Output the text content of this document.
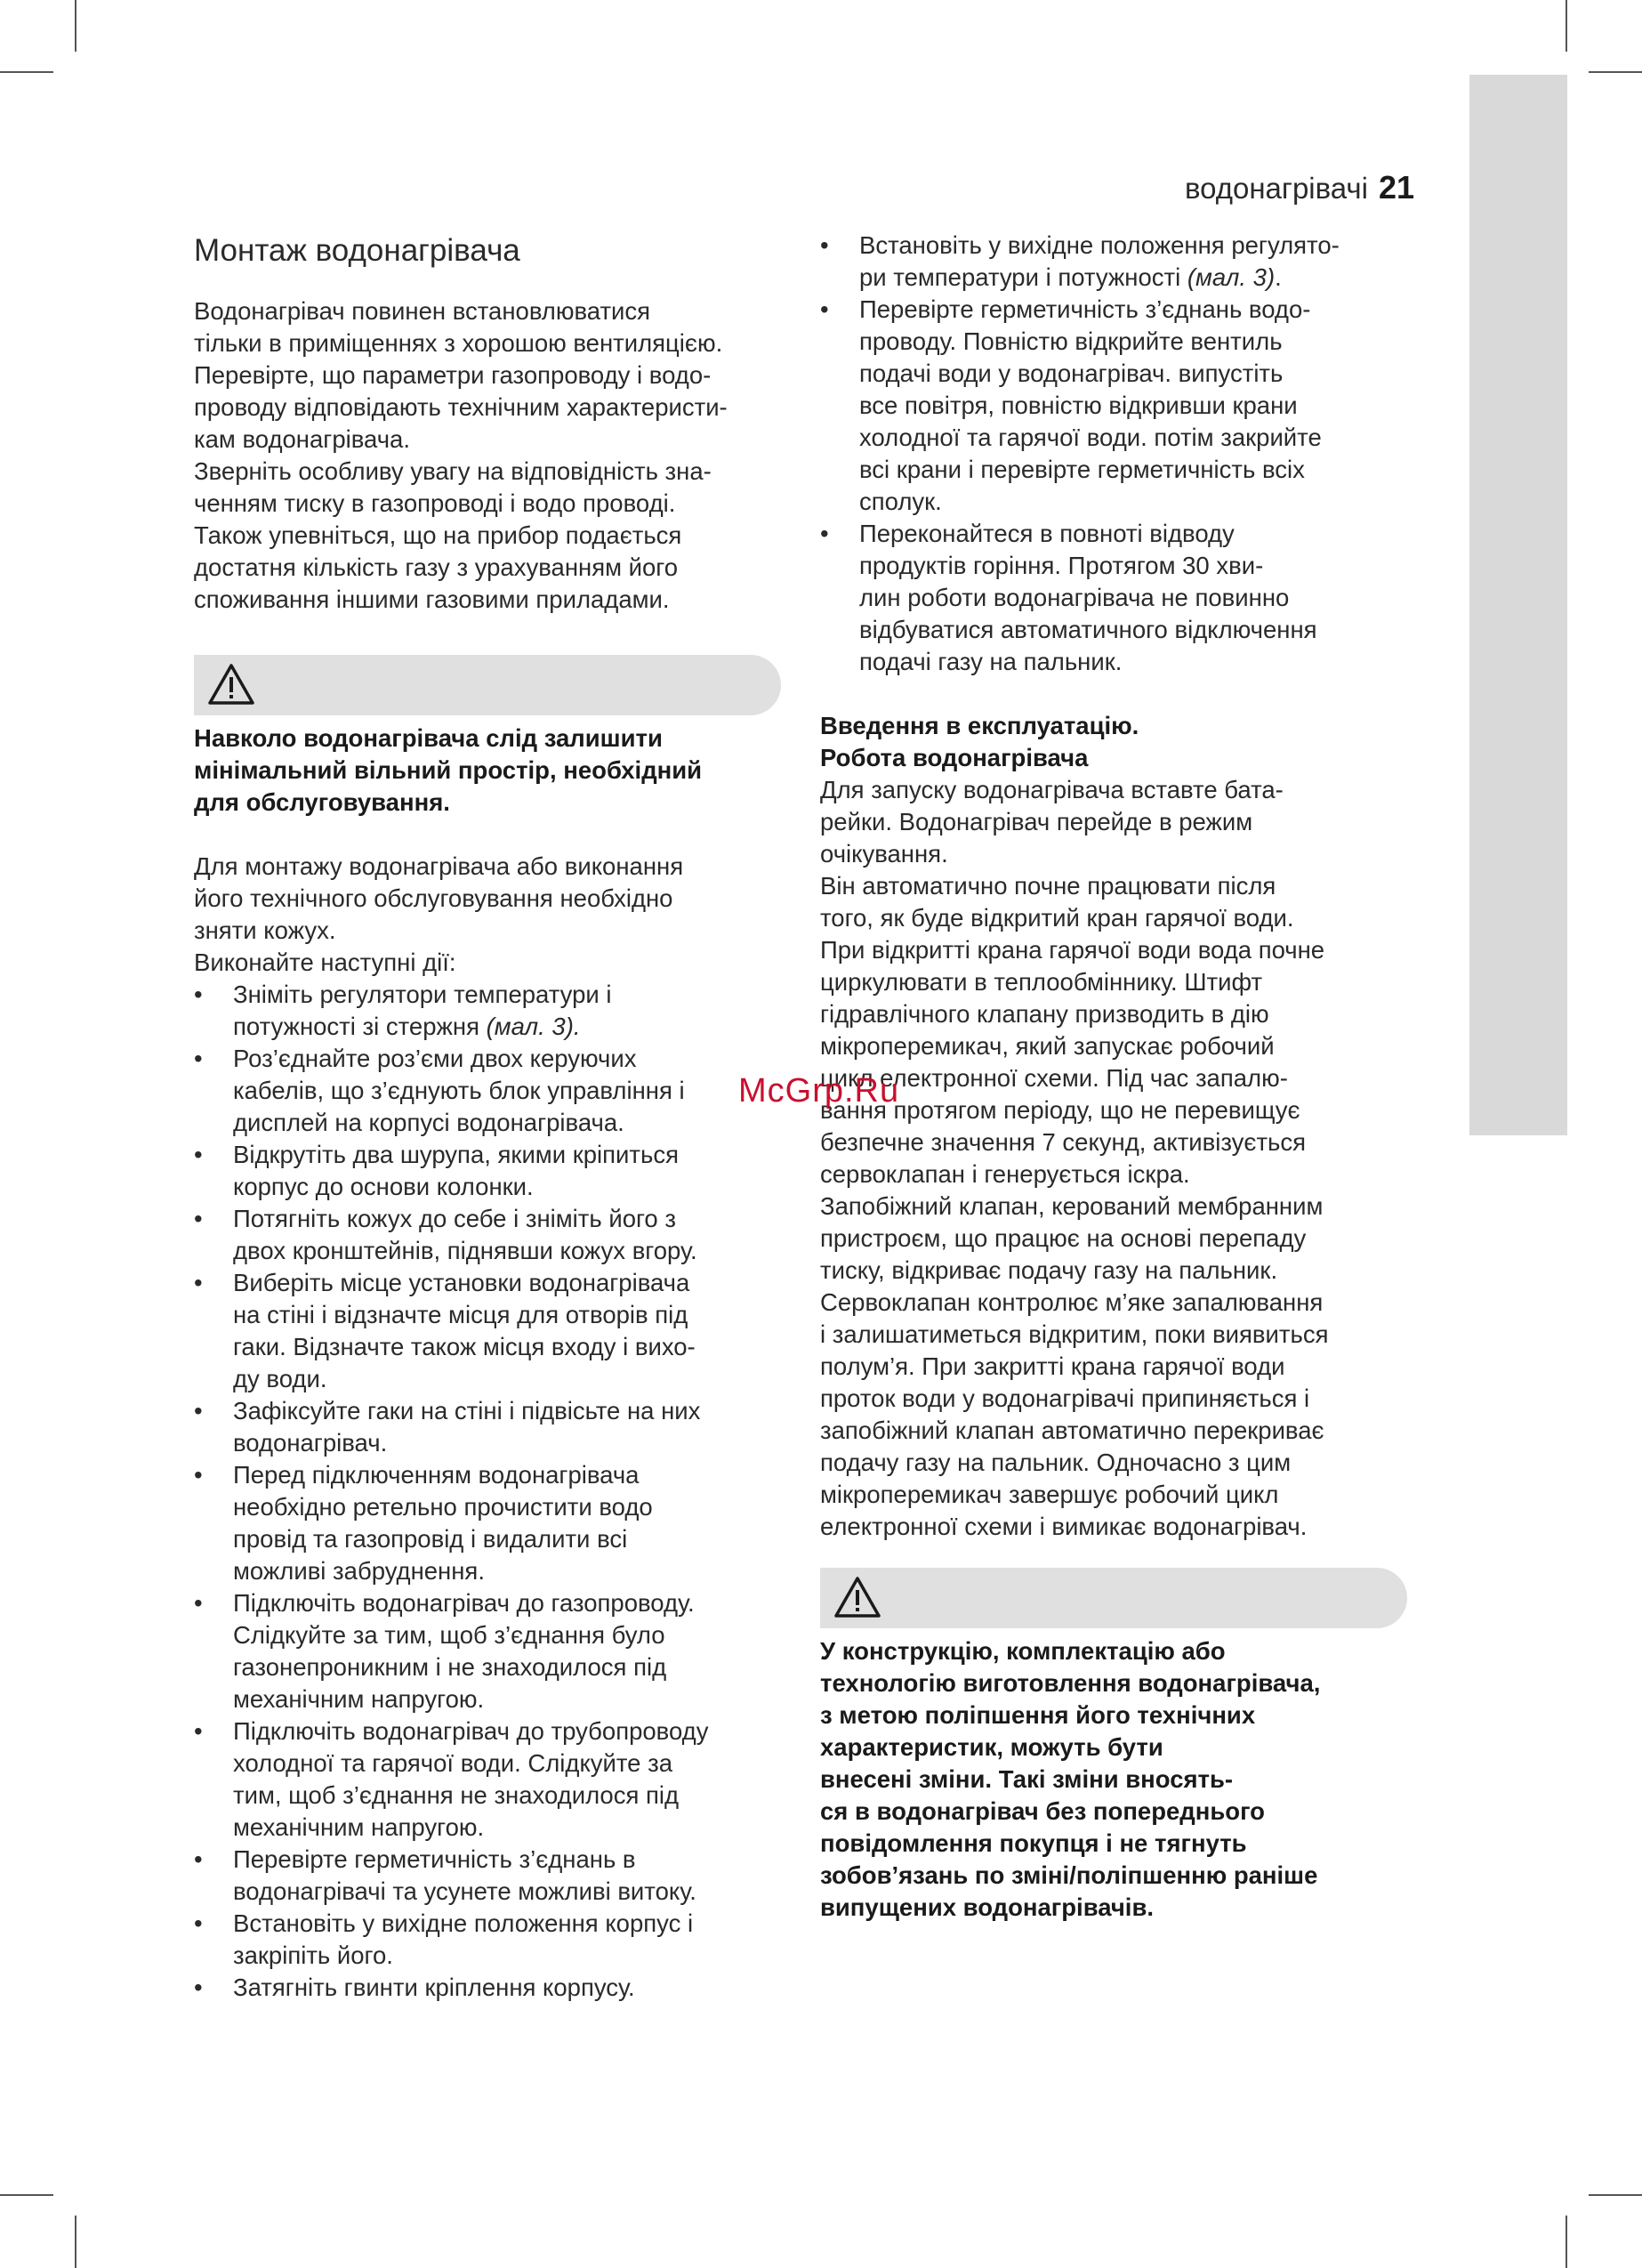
водонагрівачі 21
Монтаж водонагрівача
Водонагрівач повинен встановлюватися
тільки в приміщеннях з хорошою вентиляцією.
Перевірте, що параметри газопроводу і водо-
проводу відповідають технічним характеристи-
кам водонагрівача.
Зверніть особливу увагу на відповідність зна-
ченням тиску в газопроводі і водо проводі.
Також упевніться, що на прибор подається
достатня кількість газу з урахуванням його
споживання іншими газовими приладами.
Навколо водонагрівача слід залишити
мінімальний вільний простір, необхідний
для обслуговування.
Для монтажу водонагрівача або виконання
його технічного обслуговування необхідно
зняти кожух.
Виконайте наступні дії:
• Зніміть регулятори температури і
потужності зі стержня (мал. 3).
• Роз’єднайте роз’єми двох керуючих
кабелів, що з’єднують блок управління і
дисплей на корпусі водонагрівача.
• Відкрутіть два шурупа, якими кріпиться
корпус до основи колонки.
• Потягніть кожух до себе і зніміть його з
двох кронштейнів, піднявши кожух вгору.
• Виберіть місце установки водонагрівача
на стіні і відзначте місця для отворів під
гаки. Відзначте також місця входу і вихо-
ду води.
• Зафіксуйте гаки на стіні і підвісьте на них
водонагрівач.
• Перед підключенням водонагрівача
необхідно ретельно прочистити водо
провід та газопровід і видалити всі
можливі забруднення.
• Підключіть водонагрівач до газопроводу.
Слідкуйте за тим, щоб з’єднання було
газонепроникним і не знаходилося під
механічним напругою.
• Підключіть водонагрівач до трубопроводу
холодної та гарячої води. Слідкуйте за
тим, щоб з’єднання не знаходилося під
механічним напругою.
• Перевірте герметичність з’єднань в
водонагрівачі та усунете можливі витоку.
• Встановіть у вихідне положення корпус і
закріпіть його.
• Затягніть гвинти кріплення корпусу.
• Встановіть у вихідне положення регулято-
ри температури і потужності (мал. 3).
• Перевірте герметичність з’єднань водо-
проводу. Повністю відкрийте вентиль
подачі води у водонагрівач. випустіть
все повітря, повністю відкривши крани
холодної та гарячої води. потім закрийте
всі крани і перевірте герметичність всіх
сполук.
• Переконайтеся в повноті відводу
продуктів горіння. Протягом 30 хви-
лин роботи водонагрівача не повинно
відбуватися автоматичного відключення
подачі газу на пальник.
Введення в експлуатацію.
Робота водонагрівача
Для запуску водонагрівача вставте бата-
рейки. Водонагрівач перейде в режим
очікування.
Він автоматично почне працювати після
того, як буде відкритий кран гарячої води.
При відкритті крана гарячої води вода почне
циркулювати в теплообміннику. Штифт
гідравлічного клапану призводить в дію
мікроперемикач, який запускає робочий
цикл електронної схеми. Під час запалю-
вання протягом періоду, що не перевищує
безпечне значення 7 секунд, активізується
сервоклапан і генерується іскра.
Запобіжний клапан, керований мембранним
пристроєм, що працює на основі перепаду
тиску, відкриває подачу газу на пальник.
Сервоклапан контролює м’яке запалювання
і залишатиметься відкритим, поки виявиться
полум’я. При закритті крана гарячої води
проток води у водонагрівачі припиняється і
запобіжний клапан автоматично перекриває
подачу газу на пальник. Одночасно з цим
мікроперемикач завершує робочий цикл
електронної схеми і вимикає водонагрівач.
У конструкцію, комплектацію або
технологію виготовлення водонагрівача,
з метою поліпшення його технічних
характеристик, можуть бути
внесені зміни. Такі зміни вносять-
ся в водонагрівач без попереднього
повідомлення покупця і не тягнуть
зобов’язань по зміні/поліпшенню раніше
випущених водонагрівачів.
McGrp.Ru
